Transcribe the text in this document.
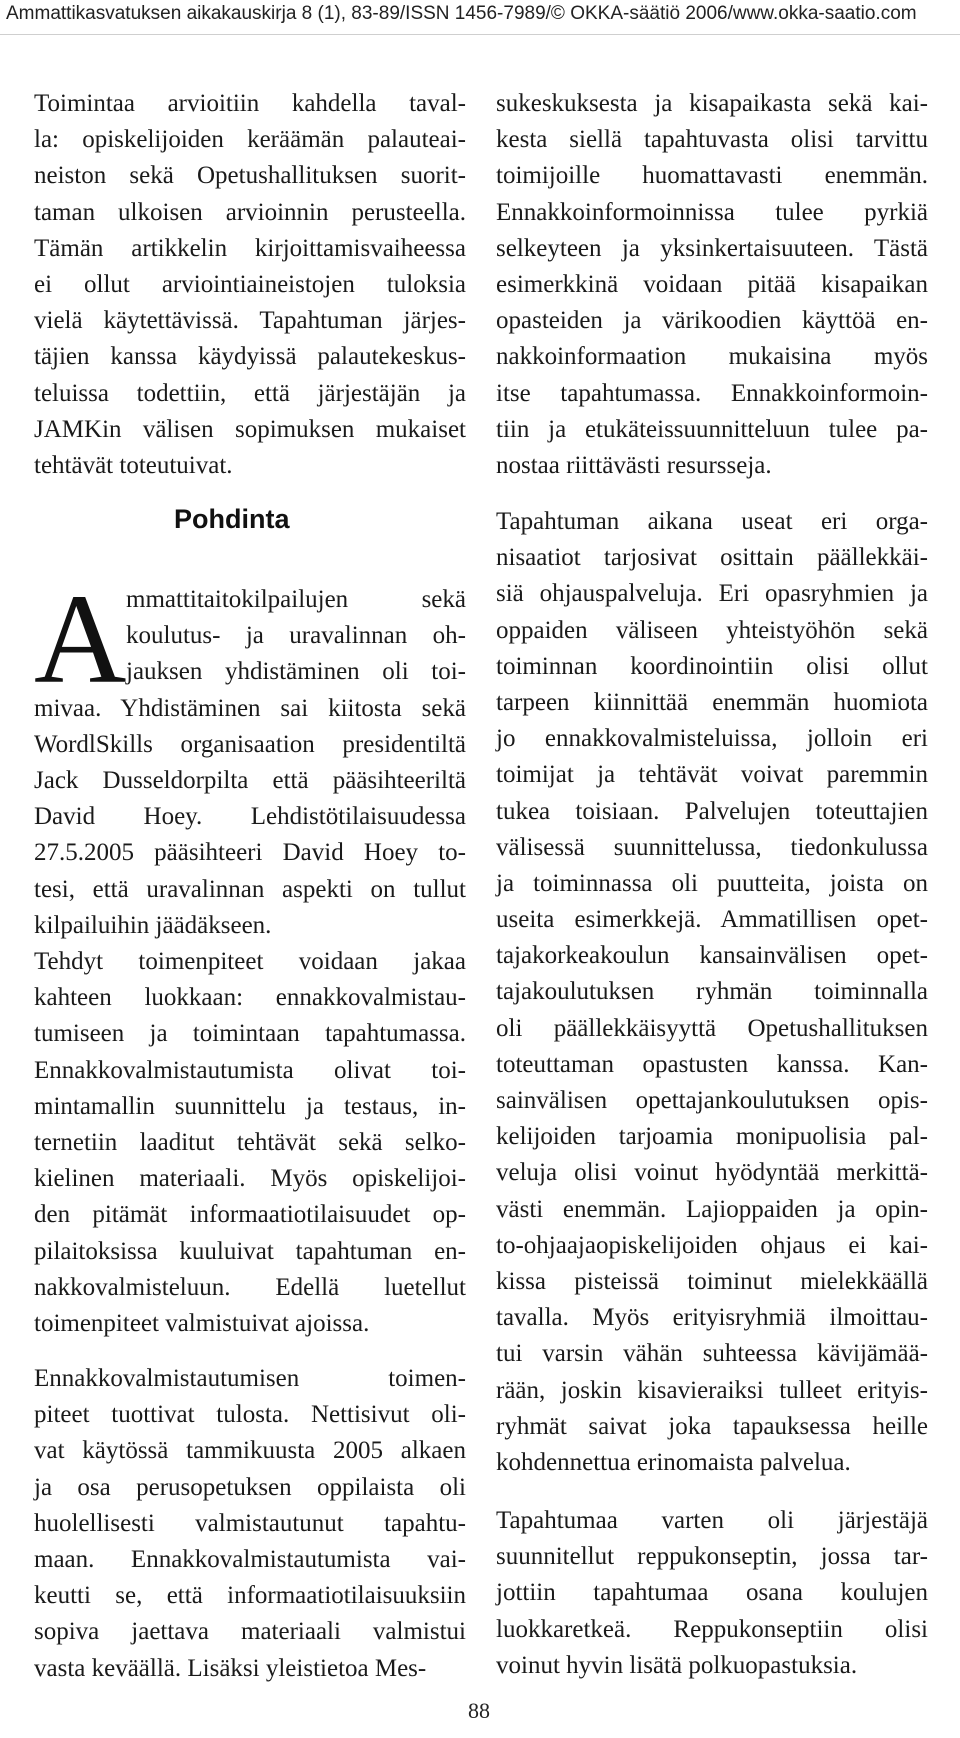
Ammattikasvatuksen aikakauskirja 8 (1), 83-89/ISSN 1456-7989/© OKKA-säätiö 2006/www.okka-saatio.com
Toimintaa arvioitiin kahdella taval-
la: opiskelijoiden keräämän palauteai-
neiston sekä Opetushallituksen suorit-
taman ulkoisen arvioinnin perusteella.
Tämän artikkelin kirjoittamisvaiheessa
ei ollut arviointiaineistojen tuloksia
vielä käytettävissä. Tapahtuman järjes-
täjien kanssa käydyissä palautekeskus-
teluissa todettiin, että järjestäjän ja
JAMKin välisen sopimuksen mukaiset
tehtävät toteutuivat.
Pohdinta
A mmattitaitokilpailujen sekä
koulutus- ja uravalinnan oh-
jauksen yhdistäminen oli toi-
mivaa. Yhdistäminen sai kiitosta sekä
WordlSkills organisaation presidentiltä
Jack Dusseldorpilta että pääsihteeriltä
David Hoey. Lehdistötilaisuudessa
27.5.2005 pääsihteeri David Hoey to-
tesi, että uravalinnan aspekti on tullut
kilpailuihin jäädäkseen.
Tehdyt toimenpiteet voidaan jakaa
kahteen luokkaan: ennakkovalmistau-
tumiseen ja toimintaan tapahtumassa.
Ennakkovalmistautumista olivat toi-
mintamallin suunnittelu ja testaus, in-
ternetiin laaditut tehtävät sekä selko-
kielinen materiaali. Myös opiskelijoi-
den pitämät informaatiotilaisuudet op-
pilaitoksissa kuuluivat tapahtuman en-
nakkovalmisteluun. Edellä luetellut
toimenpiteet valmistuivat ajoissa.
Ennakkovalmistautumisen toimen-
piteet tuottivat tulosta. Nettisivut oli-
vat käytössä tammikuusta 2005 alkaen
ja osa perusopetuksen oppilaista oli
huolellisesti valmistautunut tapahtu-
maan. Ennakkovalmistautumista vai-
keutti se, että informaatiotilaisuuksiin
sopiva jaettava materiaali valmistui
vasta keväällä. Lisäksi yleistietoa Mes-
sukeskuksesta ja kisapaikasta sekä kai-
kesta siellä tapahtuvasta olisi tarvittu
toimijoille huomattavasti enemmän.
Ennakkoinformoinnissa tulee pyrkiä
selkeyteen ja yksinkertaisuuteen. Tästä
esimerkkinä voidaan pitää kisapaikan
opasteiden ja värikoodien käyttöä en-
nakkoinformaation mukaisina myös
itse tapahtumassa. Ennakkoinformoin-
tiin ja etukäteissuunnitteluun tulee pa-
nostaa riittävästi resursseja.
Tapahtuman aikana useat eri orga-
nisaatiot tarjosivat osittain päällekkäi-
siä ohjauspalveluja. Eri opasryhmien ja
oppaiden väliseen yhteistyöhön sekä
toiminnan koordinointiin olisi ollut
tarpeen kiinnittää enemmän huomiota
jo ennakkovalmisteluissa, jolloin eri
toimijat ja tehtävät voivat paremmin
tukea toisiaan. Palvelujen toteuttajien
välisessä suunnittelussa, tiedonkulussa
ja toiminnassa oli puutteita, joista on
useita esimerkkejä. Ammatillisen opet-
tajakorkeakoulun kansainvälisen opet-
tajakoulutuksen ryhmän toiminnalla
oli päällekkäisyyttä Opetushallituksen
toteuttaman opastusten kanssa. Kan-
sainvälisen opettajankoulutuksen opis-
kelijoiden tarjoamia monipuolisia pal-
veluja olisi voinut hyödyntää merkittä-
västi enemmän. Lajioppaiden ja opin-
to-ohjaajaopiskelijoiden ohjaus ei kai-
kissa pisteissä toiminut mielekkäällä
tavalla. Myös erityisryhmiä ilmoittau-
tui varsin vähän suhteessa kävijämää-
rään, joskin kisavieraiksi tulleet erityis-
ryhmät saivat joka tapauksessa heille
kohdennettua erinomaista palvelua.
Tapahtumaa varten oli järjestäjä
suunnitellut reppukonseptin, jossa tar-
jottiin tapahtumaa osana koulujen
luokkaretkeä. Reppukonseptiin olisi
voinut hyvin lisätä polkuopastuksia.
88
